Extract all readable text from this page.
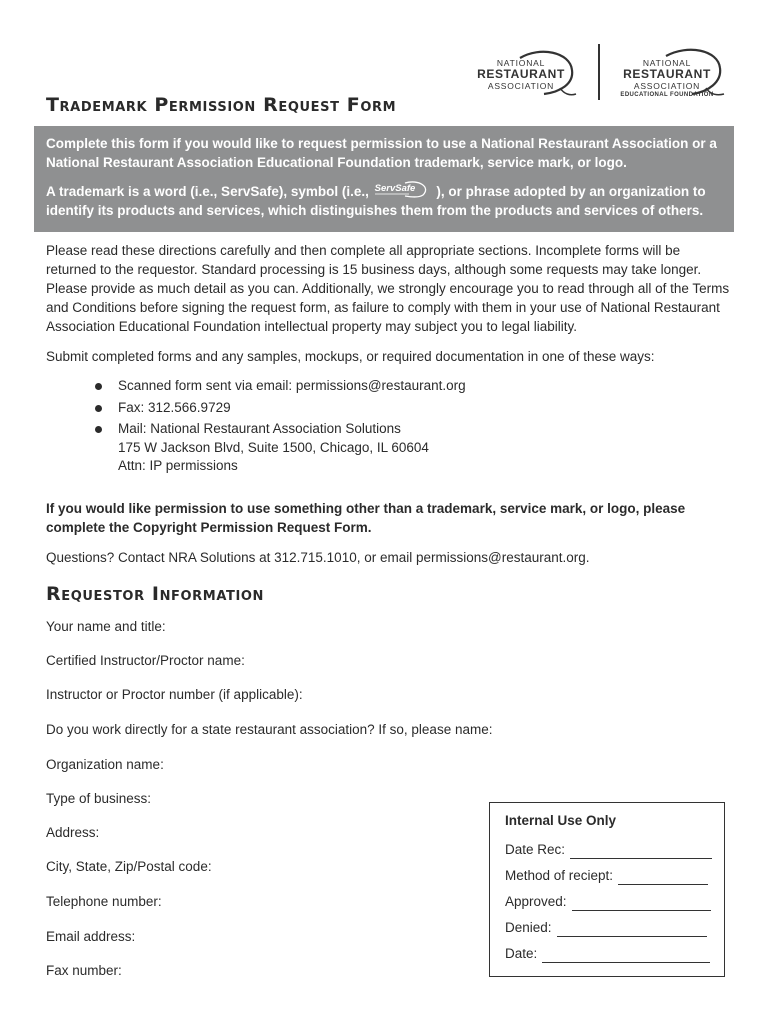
NATIONAL
RESTAURANT
ASSOCIATION
NATIONAL
RESTAURANT
ASSOCIATION
EDUCATIONAL FOUNDATION
Trademark Permission Request Form

Complete this form if you would like to request permission to use a National Restaurant Association or a National Restaurant Association Educational Foundation trademark, service mark, or logo.

A trademark is a word (i.e., ServSafe), symbol (i.e., ServSafe ), or phrase adopted by an organization to identify its products and services, which distinguishes them from the products and services of others.

Please read these directions carefully and then complete all appropriate sections. Incomplete forms will be returned to the requestor. Standard processing is 15 business days, although some requests may take longer. Please provide as much detail as you can. Additionally, we strongly encourage you to read through all of the Terms and Conditions before signing the request form, as failure to comply with them in your use of National Restaurant Association Educational Foundation intellectual property may subject you to legal liability.

Submit completed forms and any samples, mockups, or required documentation in one of these ways:

Scanned form sent via email: permissions@restaurant.org
Fax: 312.566.9729
Mail: National Restaurant Association Solutions
175 W Jackson Blvd, Suite 1500, Chicago, IL 60604
Attn: IP permissions

If you would like permission to use something other than a trademark, service mark, or logo, please complete the Copyright Permission Request Form.

Questions? Contact NRA Solutions at 312.715.1010, or email permissions@restaurant.org.

Requestor Information
Your name and title:
Certified Instructor/Proctor name:
Instructor or Proctor number (if applicable):
Do you work directly for a state restaurant association? If so, please name:
Organization name:
Type of business:
Address:
City, State, Zip/Postal code:
Telephone number:
Email address:
Fax number:
Internal Use Only
Date Rec:
Method of reciept:
Approved:
Denied:
Date:
